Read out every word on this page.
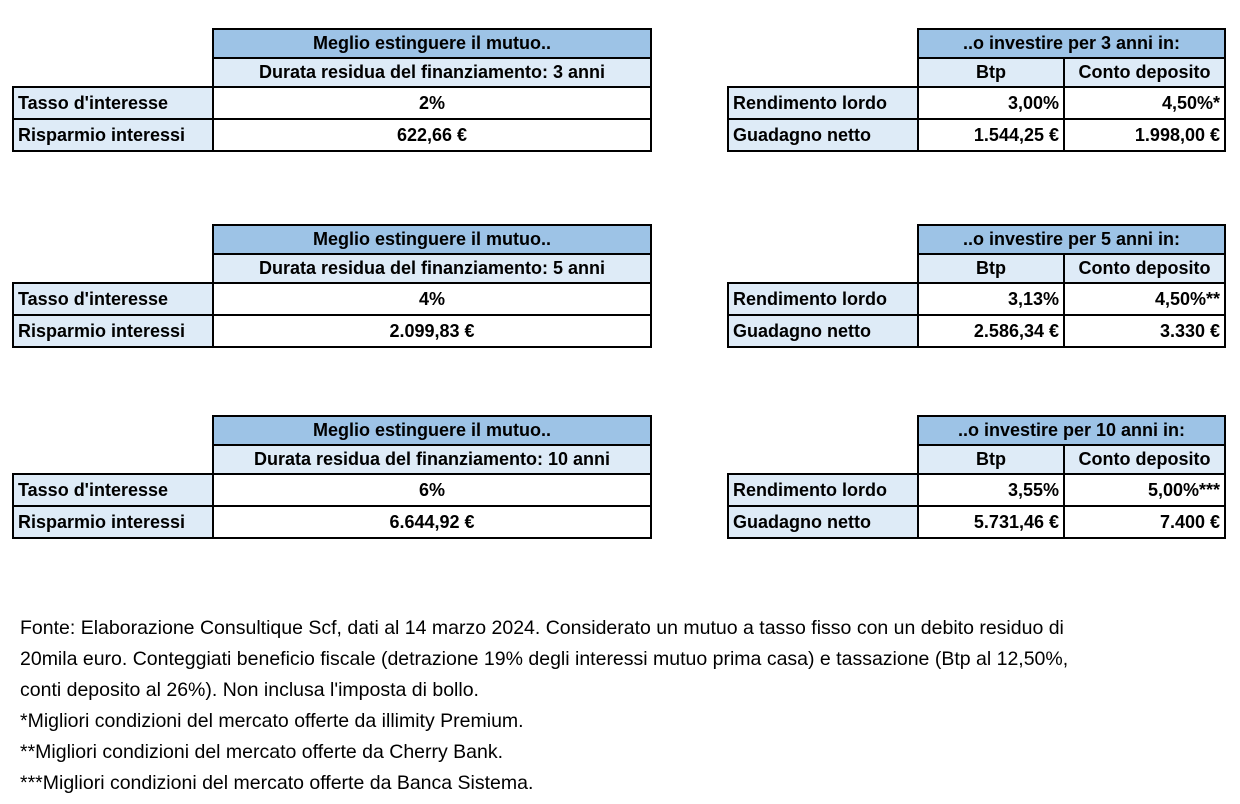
	Meglio estinguere il mutuo..
	Durata residua del finanziamento: 3 anni
Tasso d'interesse	2%
Risparmio interessi	622,66 €
	..o investire per 3 anni in:	
	Btp	Conto deposito
Rendimento lordo	3,00%	4,50%*
Guadagno netto	1.544,25 €	1.998,00 €
	Meglio estinguere il mutuo..
	Durata residua del finanziamento: 5 anni
Tasso d'interesse	4%
Risparmio interessi	2.099,83 €
	..o investire per 5 anni in:	
	Btp	Conto deposito
Rendimento lordo	3,13%	4,50%**
Guadagno netto	2.586,34 €	3.330 €
	Meglio estinguere il mutuo..
	Durata residua del finanziamento: 10 anni
Tasso d'interesse	6%
Risparmio interessi	6.644,92 €
	..o investire per 10 anni in:	
	Btp	Conto deposito
Rendimento lordo	3,55%	5,00%***
Guadagno netto	5.731,46 €	7.400 €
Fonte: Elaborazione Consultique Scf, dati al 14 marzo 2024. Considerato un mutuo a tasso fisso con un debito residuo di
20mila euro. Conteggiati beneficio fiscale (detrazione 19% degli interessi mutuo prima casa) e tassazione (Btp al 12,50%,
conti deposito al 26%). Non inclusa l'imposta di bollo.
*Migliori condizioni del mercato offerte da illimity Premium.
**Migliori condizioni del mercato offerte da Cherry Bank.
***Migliori condizioni del mercato offerte da Banca Sistema.
